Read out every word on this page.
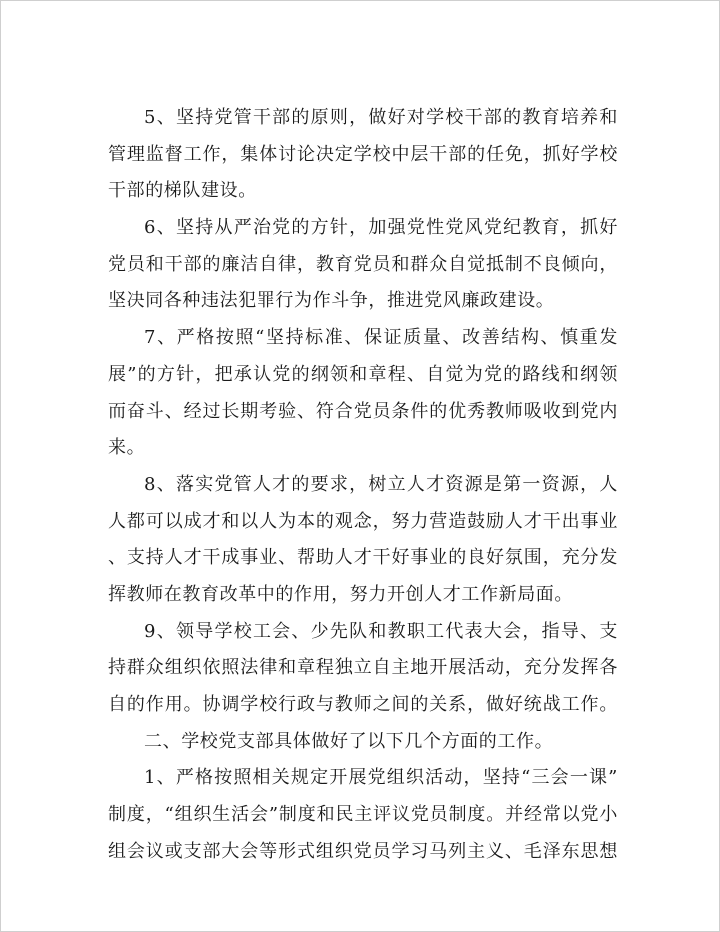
5、坚持党管干部的原则，做好对学校干部的教育培养和
管理监督工作，集体讨论决定学校中层干部的任免，抓好学校
干部的梯队建设。
6、坚持从严治党的方针，加强党性党风党纪教育，抓好
党员和干部的廉洁自律，教育党员和群众自觉抵制不良倾向，
坚决同各种违法犯罪行为作斗争，推进党风廉政建设。
7、严格按照“坚持标准、保证质量、改善结构、慎重发
展”的方针，把承认党的纲领和章程、自觉为党的路线和纲领
而奋斗、经过长期考验、符合党员条件的优秀教师吸收到党内
来。
8、落实党管人才的要求，树立人才资源是第一资源，人
人都可以成才和以人为本的观念，努力营造鼓励人才干出事业
、支持人才干成事业、帮助人才干好事业的良好氛围，充分发
挥教师在教育改革中的作用，努力开创人才工作新局面。
9、领导学校工会、少先队和教职工代表大会，指导、支
持群众组织依照法律和章程独立自主地开展活动，充分发挥各
自的作用。协调学校行政与教师之间的关系，做好统战工作。
二、学校党支部具体做好了以下几个方面的工作。
1、严格按照相关规定开展党组织活动，坚持“三会一课”
制度，“组织生活会”制度和民主评议党员制度。并经常以党小
组会议或支部大会等形式组织党员学习马列主义、毛泽东思想
